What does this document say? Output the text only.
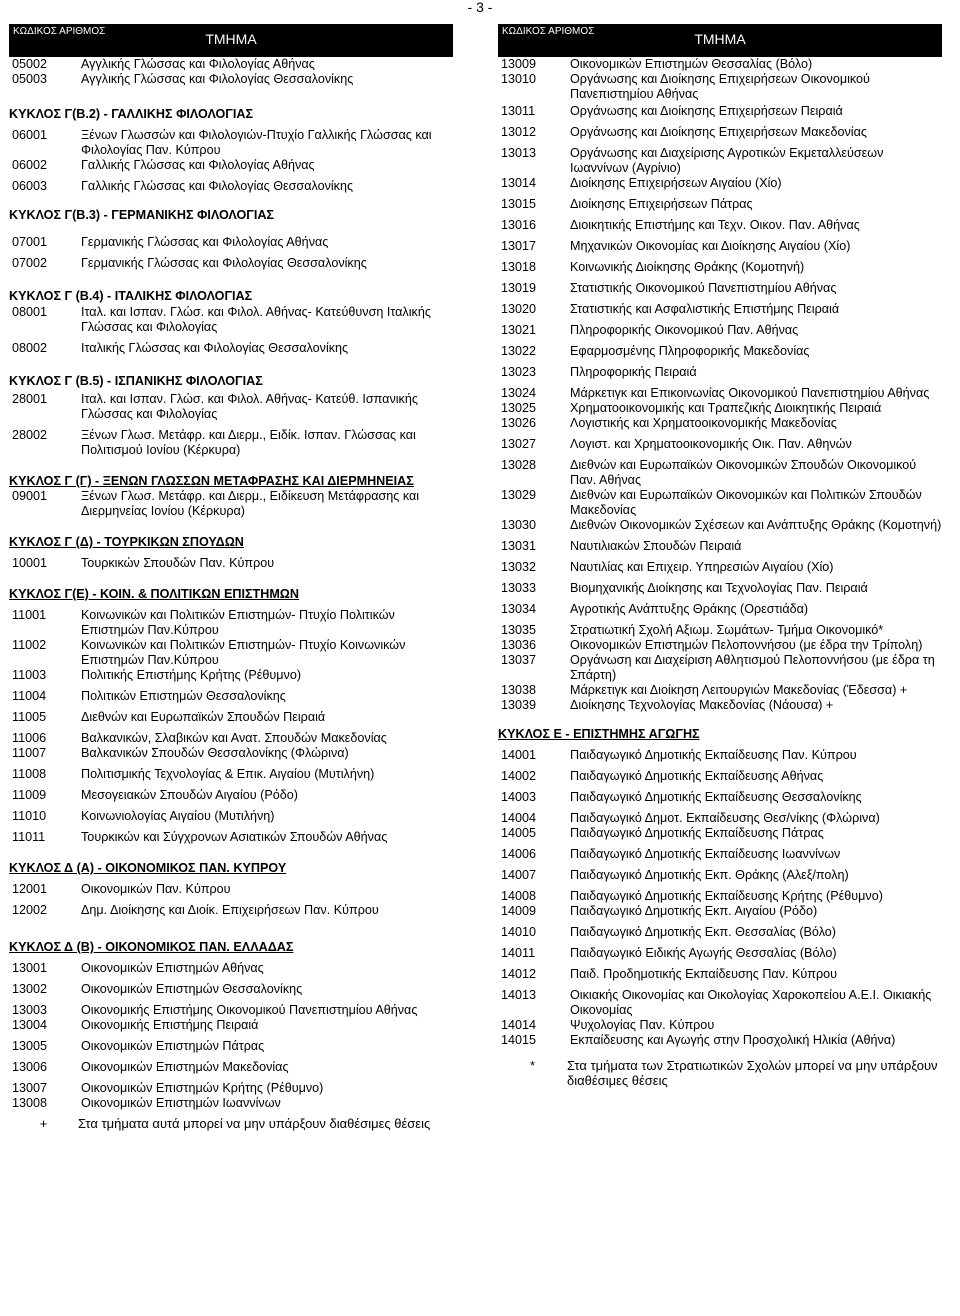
- 3 -
ΚΩΔΙΚΟΣ ΑΡΙΘΜΟΣ	ΤΜΗΜΑ
05002	Αγγλικής Γλώσσας και Φιλολογίας Αθήνας
05003	Αγγλικής Γλώσσας και Φιλολογίας Θεσσαλονίκης
ΚΥΚΛΟΣ Γ(Β.2) - ΓΑΛΛΙΚΗΣ ΦΙΛΟΛΟΓΙΑΣ
06001	Ξένων Γλωσσών και Φιλολογιών-Πτυχίο Γαλλικής Γλώσσας και Φιλολογίας Παν. Κύπρου
06002	Γαλλικής Γλώσσας και Φιλολογίας Αθήνας
06003	Γαλλικής Γλώσσας και Φιλολογίας Θεσσαλονίκης
ΚΥΚΛΟΣ Γ(Β.3) - ΓΕΡΜΑΝΙΚΗΣ ΦΙΛΟΛΟΓΙΑΣ
07001	Γερμανικής Γλώσσας και Φιλολογίας Αθήνας
07002	Γερμανικής Γλώσσας και Φιλολογίας Θεσσαλονίκης
ΚΥΚΛΟΣ Γ (Β.4) - ΙΤΑΛΙΚΗΣ ΦΙΛΟΛΟΓΙΑΣ
08001	Ιταλ. και Ισπαν. Γλώσ. και Φιλολ. Αθήνας- Κατεύθυνση Ιταλικής Γλώσσας και Φιλολογίας
08002	Ιταλικής Γλώσσας και Φιλολογίας Θεσσαλονίκης
ΚΥΚΛΟΣ Γ (Β.5) - ΙΣΠΑΝΙΚΗΣ ΦΙΛΟΛΟΓΙΑΣ
28001	Ιταλ. και Ισπαν. Γλώσ. και Φιλολ. Αθήνας- Κατεύθ. Ισπανικής Γλώσσας και Φιλολογίας
28002	Ξένων Γλωσ. Μετάφρ. και Διερμ., Ειδίκ. Ισπαν. Γλώσσας και Πολιτισμού Ιονίου (Κέρκυρα)
ΚΥΚΛΟΣ Γ (Γ) - ΞΕΝΩΝ ΓΛΩΣΣΩΝ ΜΕΤΑΦΡΑΣΗΣ ΚΑΙ ΔΙΕΡΜΗΝΕΙΑΣ
09001	Ξένων Γλωσ. Μετάφρ. και Διερμ., Ειδίκευση Μετάφρασης και Διερμηνείας Ιονίου (Κέρκυρα)
ΚΥΚΛΟΣ Γ (Δ) - ΤΟΥΡΚΙΚΩΝ ΣΠΟΥΔΩΝ
10001	Τουρκικών Σπουδών Παν. Κύπρου
ΚΥΚΛΟΣ Γ(Ε) - ΚΟΙΝ. & ΠΟΛΙΤΙΚΩΝ ΕΠΙΣΤΗΜΩΝ
11001	Κοινωνικών και Πολιτικών Επιστημών- Πτυχίο Πολιτικών Επιστημών Παν.Κύπρου
11002	Κοινωνικών και Πολιτικών Επιστημών- Πτυχίο Κοινωνικών Επιστημών Παν.Κύπρου
11003	Πολιτικής Επιστήμης Κρήτης (Ρέθυμνο)
11004	Πολιτικών Επιστημών Θεσσαλονίκης
11005	Διεθνών και Ευρωπαϊκών Σπουδών Πειραιά
11006	Βαλκανικών, Σλαβικών και Ανατ. Σπουδών Μακεδονίας
11007	Βαλκανικών Σπουδών Θεσσαλονίκης (Φλώρινα)
11008	Πολιτισμικής Τεχνολογίας & Επικ. Αιγαίου (Μυτιλήνη)
11009	Μεσογειακών Σπουδών Αιγαίου (Ρόδο)
11010	Κοινωνιολογίας Αιγαίου (Μυτιλήνη)
11011	Τουρκικών και Σύγχρονων Ασιατικών Σπουδών Αθήνας
ΚΥΚΛΟΣ Δ (Α) - ΟΙΚΟΝΟΜΙΚΟΣ ΠΑΝ. ΚΥΠΡΟΥ
12001	Οικονομικών Παν. Κύπρου
12002	Δημ. Διοίκησης και Διοίκ. Επιχειρήσεων Παν. Κύπρου
ΚΥΚΛΟΣ Δ (Β) - ΟΙΚΟΝΟΜΙΚΟΣ ΠΑΝ. ΕΛΛΑΔΑΣ
13001	Οικονομικών Επιστημών Αθήνας
13002	Οικονομικών Επιστημών Θεσσαλονίκης
13003	Οικονομικής Επιστήμης Οικονομικού Πανεπιστημίου Αθήνας
13004	Οικονομικής Επιστήμης Πειραιά
13005	Οικονομικών Επιστημών Πάτρας
13006	Οικονομικών Επιστημών Μακεδονίας
13007	Οικονομικών Επιστημών Κρήτης (Ρέθυμνο)
13008	Οικονομικών Επιστημών Ιωαννίνων
+	Στα τμήματα αυτά μπορεί να μην υπάρξουν διαθέσιμες θέσεις
ΚΩΔΙΚΟΣ ΑΡΙΘΜΟΣ	ΤΜΗΜΑ
13009	Οικονομικών Επιστημών Θεσσαλίας (Βόλο)
13010	Οργάνωσης και Διοίκησης Επιχειρήσεων Οικονομικού Πανεπιστημίου Αθήνας
13011	Οργάνωσης και Διοίκησης Επιχειρήσεων Πειραιά
13012	Οργάνωσης και Διοίκησης Επιχειρήσεων Μακεδονίας
13013	Οργάνωσης και Διαχείρισης Αγροτικών Εκμεταλλεύσεων Ιωαννίνων (Αγρίνιο)
13014	Διοίκησης Επιχειρήσεων Αιγαίου (Χίο)
13015	Διοίκησης Επιχειρήσεων Πάτρας
13016	Διοικητικής Επιστήμης και Τεχν. Οικον. Παν. Αθήνας
13017	Μηχανικών Οικονομίας και Διοίκησης Αιγαίου (Χίο)
13018	Κοινωνικής Διοίκησης Θράκης (Κομοτηνή)
13019	Στατιστικής Οικονομικού Πανεπιστημίου Αθήνας
13020	Στατιστικής και Ασφαλιστικής Επιστήμης Πειραιά
13021	Πληροφορικής Οικονομικού Παν. Αθήνας
13022	Εφαρμοσμένης Πληροφορικής Μακεδονίας
13023	Πληροφορικής Πειραιά
13024	Μάρκετιγκ και Επικοινωνίας Οικονομικού Πανεπιστημίου Αθήνας
13025	Χρηματοοικονομικής και Τραπεζικής Διοικητικής Πειραιά
13026	Λογιστικής και Χρηματοοικονομικής Μακεδονίας
13027	Λογιστ. και Χρηματοοικονομικής Οικ. Παν. Αθηνών
13028	Διεθνών και Ευρωπαϊκών Οικονομικών Σπουδών Οικονομικού Παν. Αθήνας
13029	Διεθνών και Ευρωπαϊκών Οικονομικών και Πολιτικών Σπουδών Μακεδονίας
13030	Διεθνών Οικονομικών Σχέσεων και Ανάπτυξης Θράκης (Κομοτηνή)
13031	Ναυτιλιακών Σπουδών Πειραιά
13032	Ναυτιλίας και Επιχειρ. Υπηρεσιών Αιγαίου (Χίο)
13033	Βιομηχανικής Διοίκησης και Τεχνολογίας Παν. Πειραιά
13034	Αγροτικής Ανάπτυξης Θράκης (Ορεστιάδα)
13035	Στρατιωτική Σχολή Αξιωμ. Σωμάτων- Τμήμα Οικονομικό*
13036	Οικονομικών Επιστημών Πελοποννήσου (με έδρα την Τρίπολη)
13037	Οργάνωση και Διαχείριση Αθλητισμού Πελοποννήσου (με έδρα τη Σπάρτη)
13038	Μάρκετιγκ και Διοίκηση Λειτουργιών Μακεδονίας (Έδεσσα) +
13039	Διοίκησης Τεχνολογίας Μακεδονίας (Νάουσα) +
ΚΥΚΛΟΣ Ε - ΕΠΙΣΤΗΜΗΣ ΑΓΩΓΗΣ
14001	Παιδαγωγικό Δημοτικής Εκπαίδευσης Παν. Κύπρου
14002	Παιδαγωγικό Δημοτικής Εκπαίδευσης Αθήνας
14003	Παιδαγωγικό Δημοτικής Εκπαίδευσης Θεσσαλονίκης
14004	Παιδαγωγικό Δημοτ. Εκπαίδευσης Θεσ/νίκης (Φλώρινα)
14005	Παιδαγωγικό Δημοτικής Εκπαίδευσης Πάτρας
14006	Παιδαγωγικό Δημοτικής Εκπαίδευσης Ιωαννίνων
14007	Παιδαγωγικό Δημοτικής Εκπ. Θράκης (Αλεξ/πολη)
14008	Παιδαγωγικό Δημοτικής Εκπαίδευσης Κρήτης (Ρέθυμνο)
14009	Παιδαγωγικό Δημοτικής Εκπ. Αιγαίου (Ρόδο)
14010	Παιδαγωγικό Δημοτικής Εκπ. Θεσσαλίας (Βόλο)
14011	Παιδαγωγικό Ειδικής Αγωγής Θεσσαλίας (Βόλο)
14012	Παιδ. Προδημοτικής Εκπαίδευσης Παν. Κύπρου
14013	Οικιακής Οικονομίας και Οικολογίας Χαροκοπείου Α.Ε.Ι. Οικιακής Οικονομίας
14014	Ψυχολογίας Παν. Κύπρου
14015	Εκπαίδευσης και Αγωγής στην Προσχολική Ηλικία (Αθήνα)
*	Στα τμήματα των Στρατιωτικών Σχολών μπορεί να μην υπάρξουν διαθέσιμες θέσεις
